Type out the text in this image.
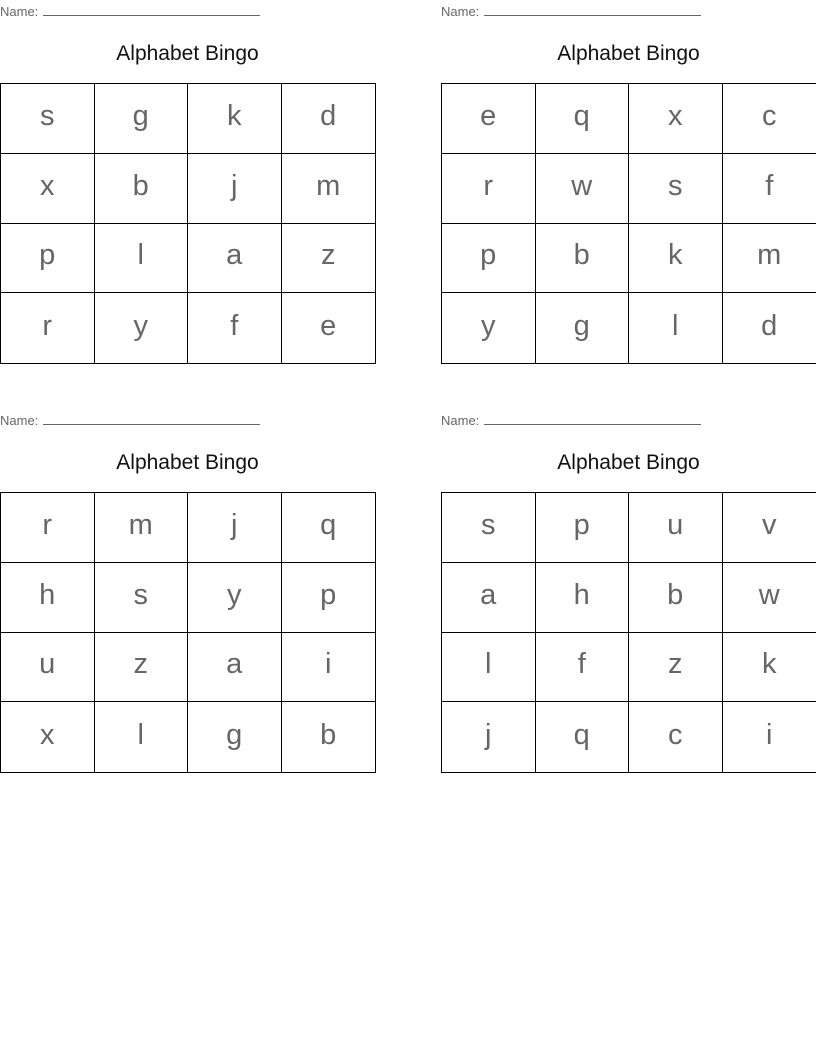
Name:
Alphabet Bingo
s	g	k	d
x	b	j	m
p	l	a	z
r	y	f	e
Name:
Alphabet Bingo
e	q	x	c
r	w	s	f
p	b	k	m
y	g	l	d
Name:
Alphabet Bingo
r	m	j	q
h	s	y	p
u	z	a	i
x	l	g	b
Name:
Alphabet Bingo
s	p	u	v
a	h	b	w
l	f	z	k
j	q	c	i
